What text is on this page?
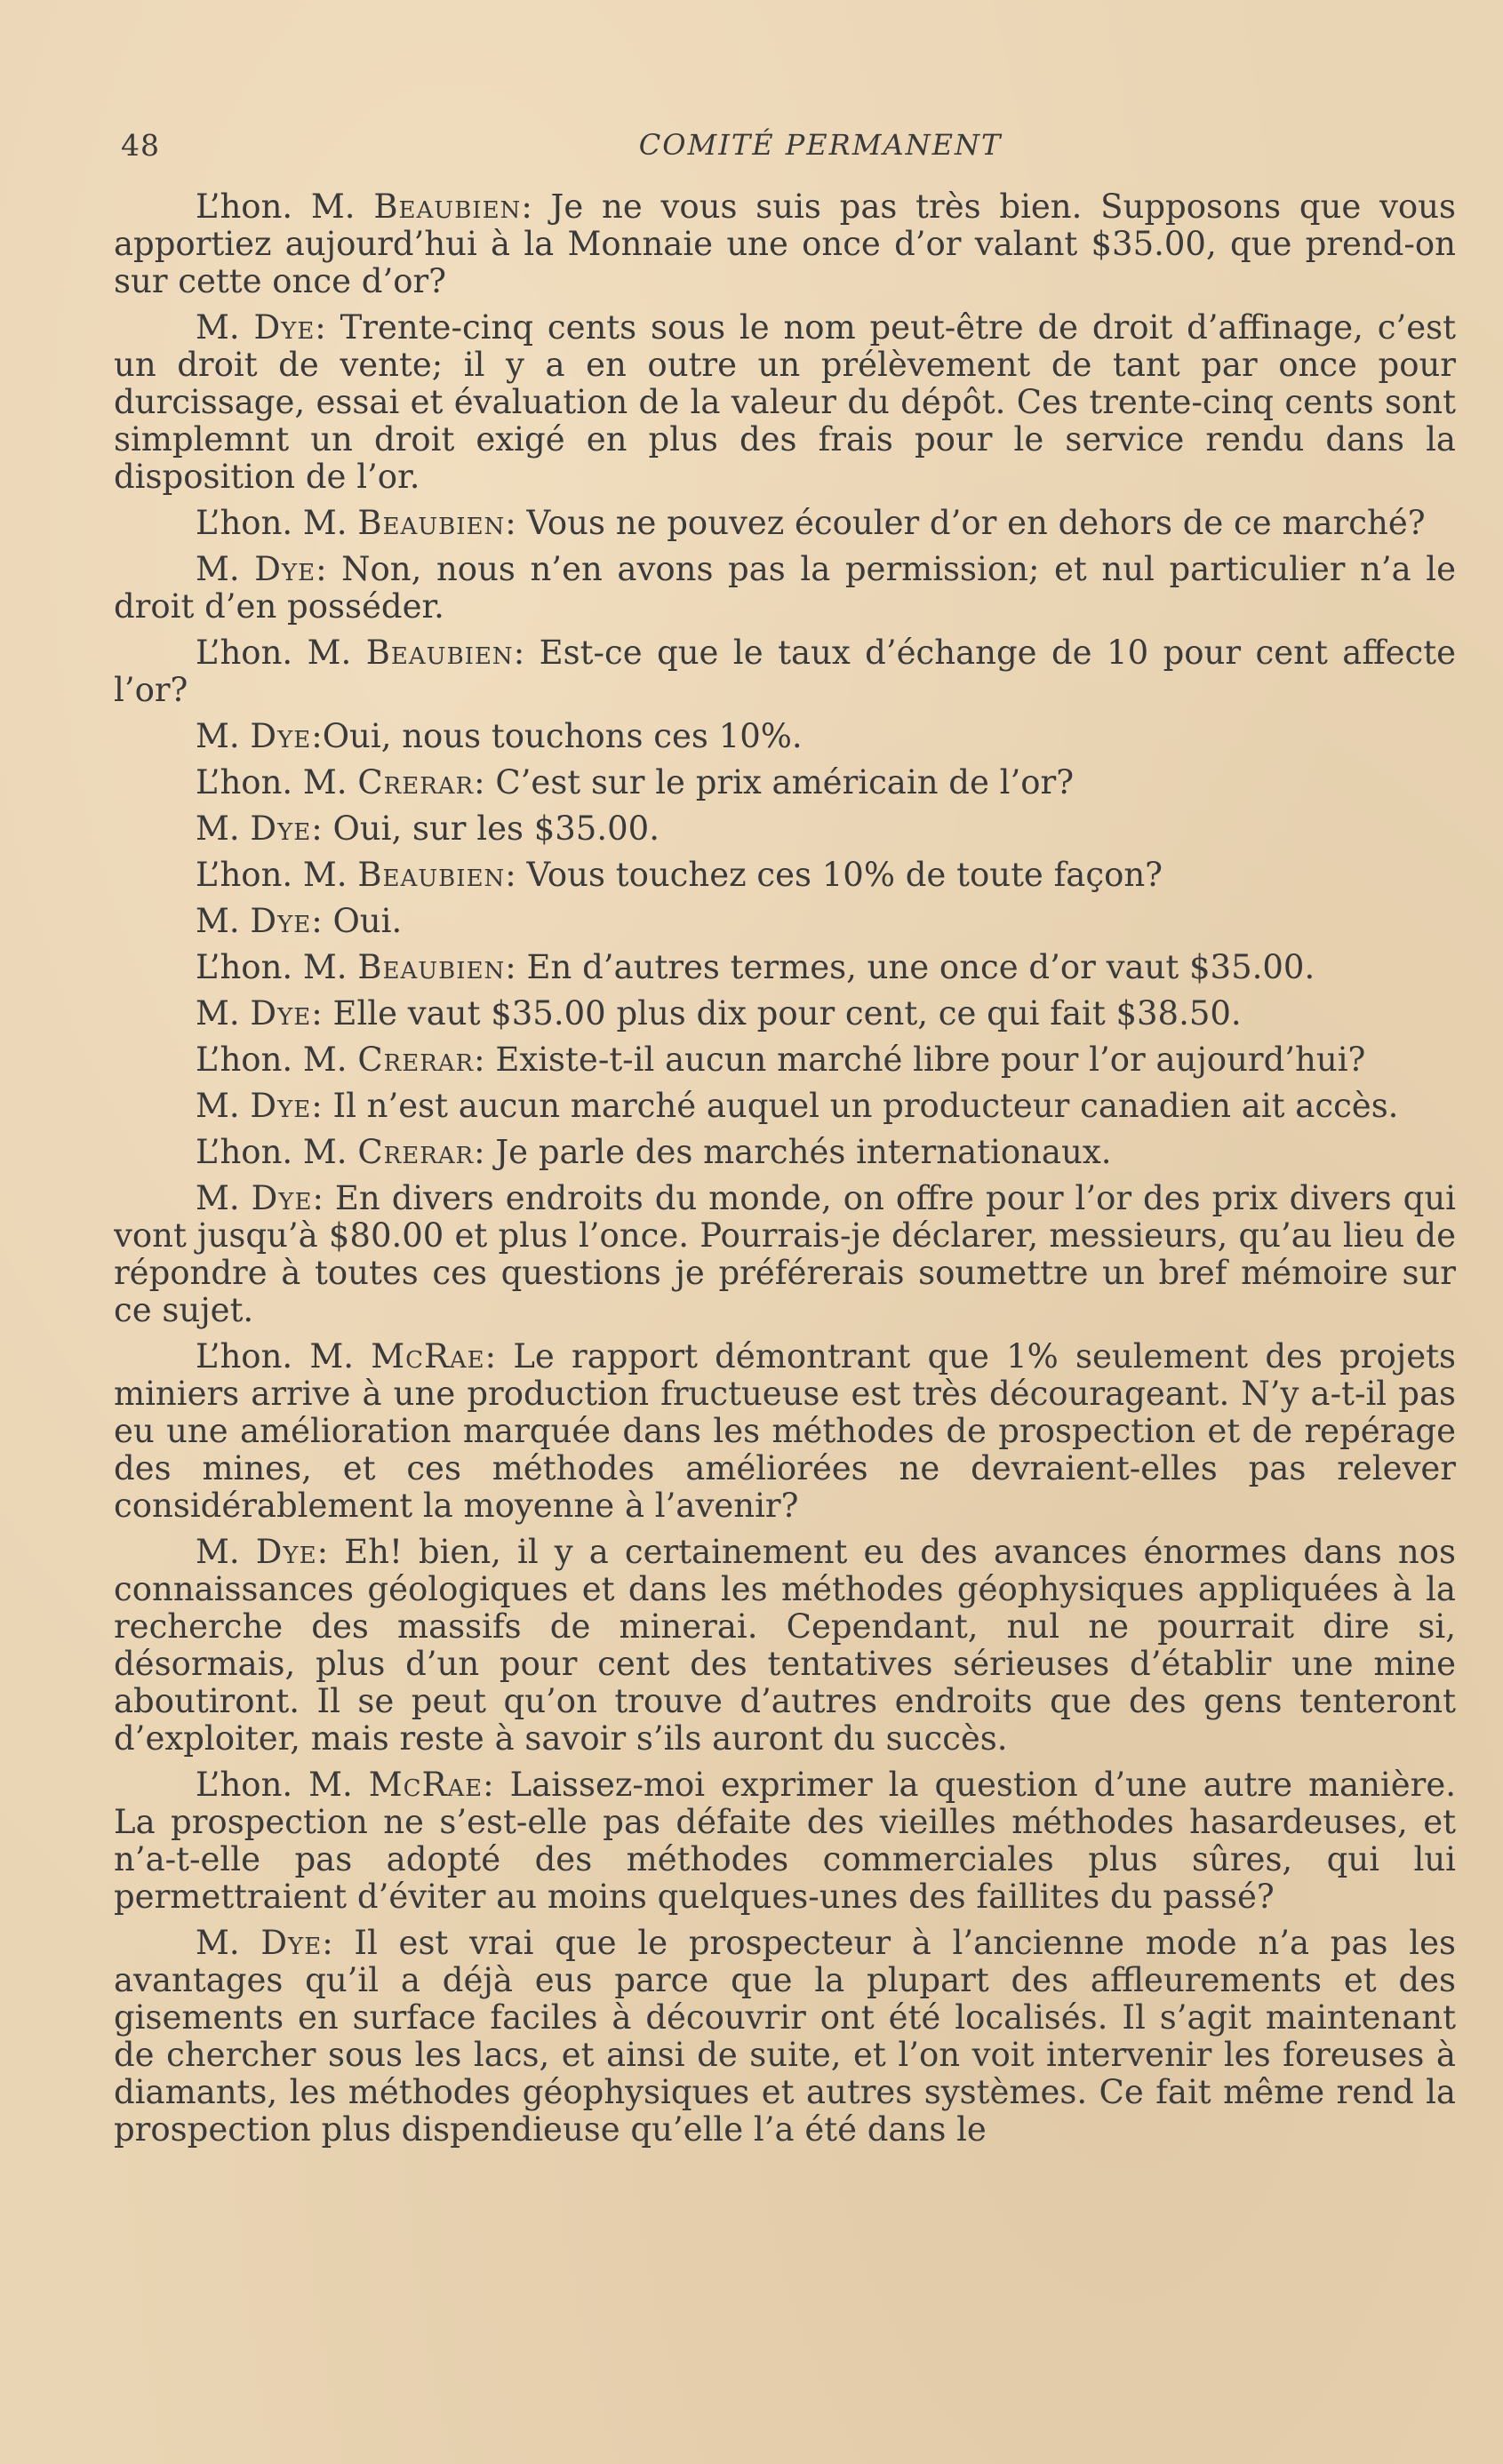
48	COMITÉ PERMANENT

L’hon. M. Beaubien: Je ne vous suis pas très bien. Supposons que vous apportiez aujourd’hui à la Monnaie une once d’or valant $35.00, que prend-on sur cette once d’or?

M. Dye: Trente-cinq cents sous le nom peut-être de droit d’affinage, c’est un droit de vente; il y a en outre un prélèvement de tant par once pour durcissage, essai et évaluation de la valeur du dépôt. Ces trente-cinq cents sont simplemnt un droit exigé en plus des frais pour le service rendu dans la disposition de l’or.

L’hon. M. Beaubien: Vous ne pouvez écouler d’or en dehors de ce marché?

M. Dye: Non, nous n’en avons pas la permission; et nul particulier n’a le droit d’en posséder.

L’hon. M. Beaubien: Est-ce que le taux d’échange de 10 pour cent affecte l’or?

M. Dye:Oui, nous touchons ces 10%.

L’hon. M. Crerar: C’est sur le prix américain de l’or?

M. Dye: Oui, sur les $35.00.

L’hon. M. Beaubien: Vous touchez ces 10% de toute façon?

M. Dye: Oui.

L’hon. M. Beaubien: En d’autres termes, une once d’or vaut $35.00.

M. Dye: Elle vaut $35.00 plus dix pour cent, ce qui fait $38.50.

L’hon. M. Crerar: Existe-t-il aucun marché libre pour l’or aujourd’hui?

M. Dye: Il n’est aucun marché auquel un producteur canadien ait accès.

L’hon. M. Crerar: Je parle des marchés internationaux.

M. Dye: En divers endroits du monde, on offre pour l’or des prix divers qui vont jusqu’à $80.00 et plus l’once. Pourrais-je déclarer, messieurs, qu’au lieu de répondre à toutes ces questions je préférerais soumettre un bref mémoire sur ce sujet.

L’hon. M. McRae: Le rapport démontrant que 1% seulement des projets miniers arrive à une production fructueuse est très décourageant. N’y a-t-il pas eu une amélioration marquée dans les méthodes de prospection et de repérage des mines, et ces méthodes améliorées ne devraient-elles pas relever considérablement la moyenne à l’avenir?

M. Dye: Eh! bien, il y a certainement eu des avances énormes dans nos connaissances géologiques et dans les méthodes géophysiques appliquées à la recherche des massifs de minerai. Cependant, nul ne pourrait dire si, désormais, plus d’un pour cent des tentatives sérieuses d’établir une mine aboutiront. Il se peut qu’on trouve d’autres endroits que des gens tenteront d’exploiter, mais reste à savoir s’ils auront du succès.

L’hon. M. McRae: Laissez-moi exprimer la question d’une autre manière. La prospection ne s’est-elle pas défaite des vieilles méthodes hasardeuses, et n’a-t-elle pas adopté des méthodes commerciales plus sûres, qui lui permettraient d’éviter au moins quelques-unes des faillites du passé?

M. Dye: Il est vrai que le prospecteur à l’ancienne mode n’a pas les avantages qu’il a déjà eus parce que la plupart des affleurements et des gisements en surface faciles à découvrir ont été localisés. Il s’agit maintenant de chercher sous les lacs, et ainsi de suite, et l’on voit intervenir les foreuses à diamants, les méthodes géophysiques et autres systèmes. Ce fait même rend la prospection plus dispendieuse qu’elle l’a été dans le
